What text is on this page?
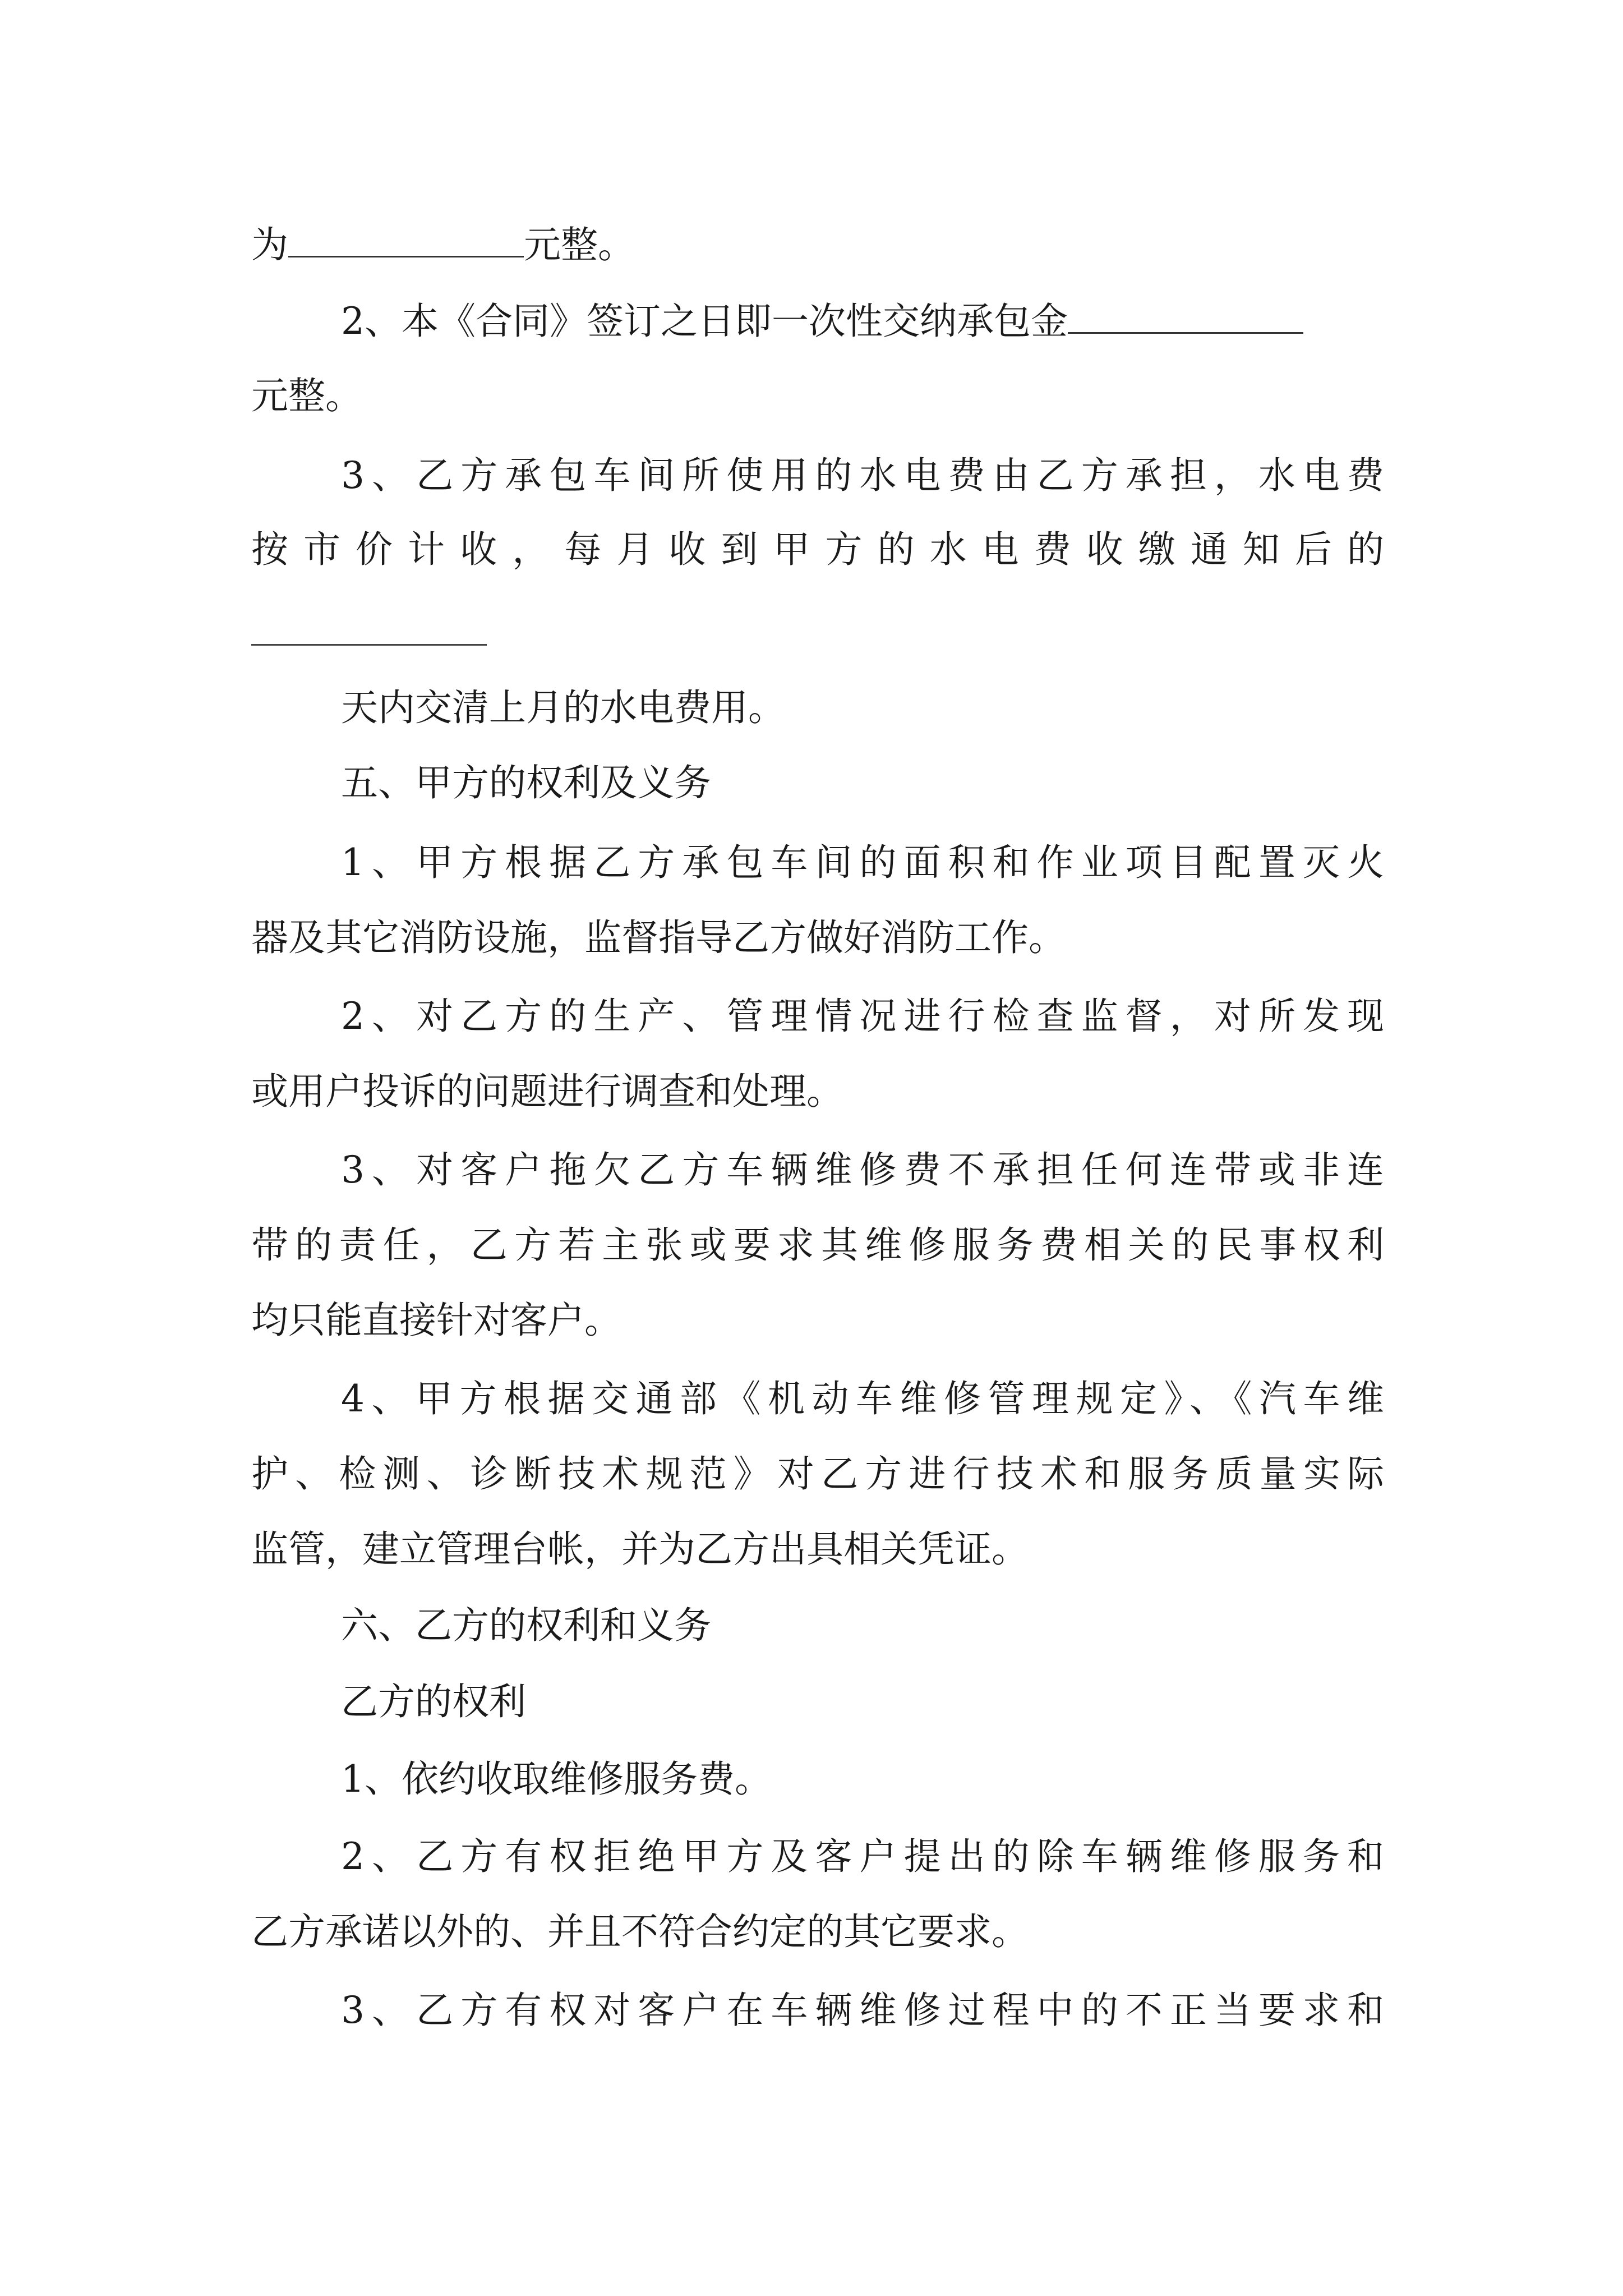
为	元整。
2、本《合同》签订之日即一次性交纳承包金
元整。
3、乙方承包车间所使用的水电费由乙方承担，水电费
按市价计收，每月收到甲方的水电费收缴通知后的
天内交清上月的水电费用。
五、甲方的权利及义务
1、甲方根据乙方承包车间的面积和作业项目配置灭火
器及其它消防设施，监督指导乙方做好消防工作。
2、对乙方的生产、管理情况进行检查监督，对所发现
或用户投诉的问题进行调查和处理。
3、对客户拖欠乙方车辆维修费不承担任何连带或非连
带的责任，乙方若主张或要求其维修服务费相关的民事权利
均只能直接针对客户。
4、甲方根据交通部《机动车维修管理规定》、《汽车维
护、检测、诊断技术规范》对乙方进行技术和服务质量实际
监管，建立管理台帐，并为乙方出具相关凭证。
六、乙方的权利和义务
乙方的权利
1、依约收取维修服务费。
2、乙方有权拒绝甲方及客户提出的除车辆维修服务和
乙方承诺以外的、并且不符合约定的其它要求。
3、乙方有权对客户在车辆维修过程中的不正当要求和
